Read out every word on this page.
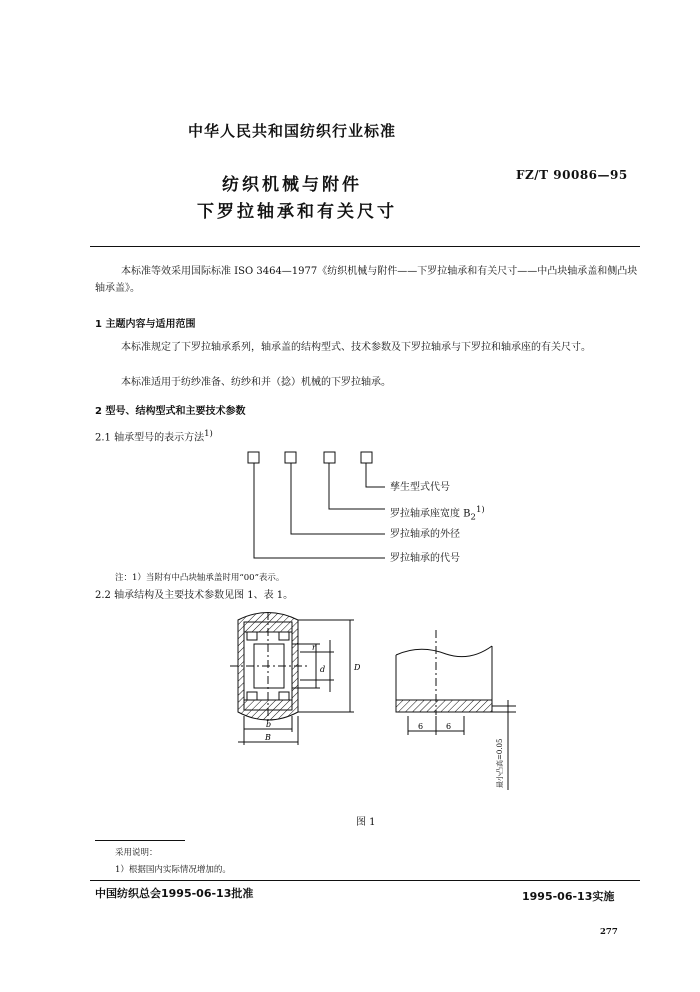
中华人民共和国纺织行业标准
纺织机械与附件
下罗拉轴承和有关尺寸
FZ/T 90086—95
本标准等效采用国际标准 ISO 3464—1977《纺织机械与附件——下罗拉轴承和有关尺寸——中凸块轴承盖和侧凸块轴承盖》。
1 主题内容与适用范围
本标准规定了下罗拉轴承系列，轴承盖的结构型式、技术参数及下罗拉轴承与下罗拉和轴承座的有关尺寸。
本标准适用于纺纱准备、纺纱和并（捻）机械的下罗拉轴承。
2 型号、结构型式和主要技术参数
2.1 轴承型号的表示方法$^{1)}$
孳生型式代号
罗拉轴承座宽度 $B_2^{1)}$
罗拉轴承的外径
罗拉轴承的代号
注：1）当附有中凸块轴承盖时用“00”表示。
2.2 轴承结构及主要技术参数见图 1、表 1。
r
d	D
b
B
6	6
最小凸高=0.05
图 1
采用说明：
1）根据国内实际情况增加的。
中国纺织总会1995-06-13批准	1995-06-13实施
277
